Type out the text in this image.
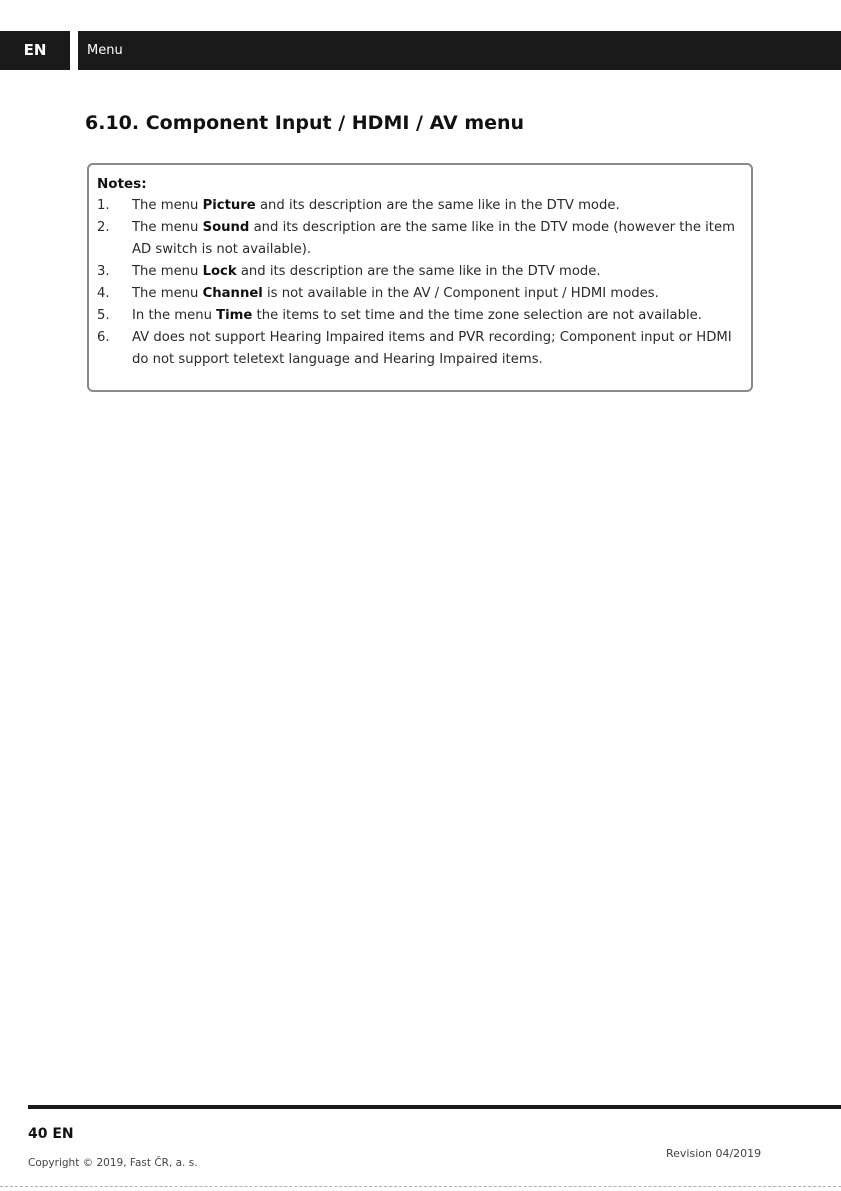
EN	Menu
6.10. Component Input / HDMI / AV menu
Notes:
1.	The menu Picture and its description are the same like in the DTV mode.
2.	The menu Sound and its description are the same like in the DTV mode (however the item AD switch is not available).
3.	The menu Lock and its description are the same like in the DTV mode.
4.	The menu Channel is not available in the AV / Component input / HDMI modes.
5.	In the menu Time the items to set time and the time zone selection are not available.
6.	AV does not support Hearing Impaired items and PVR recording; Component input or HDMI do not support teletext language and Hearing Impaired items.
40 EN
Revision 04/2019
Copyright © 2019, Fast ČR, a. s.
